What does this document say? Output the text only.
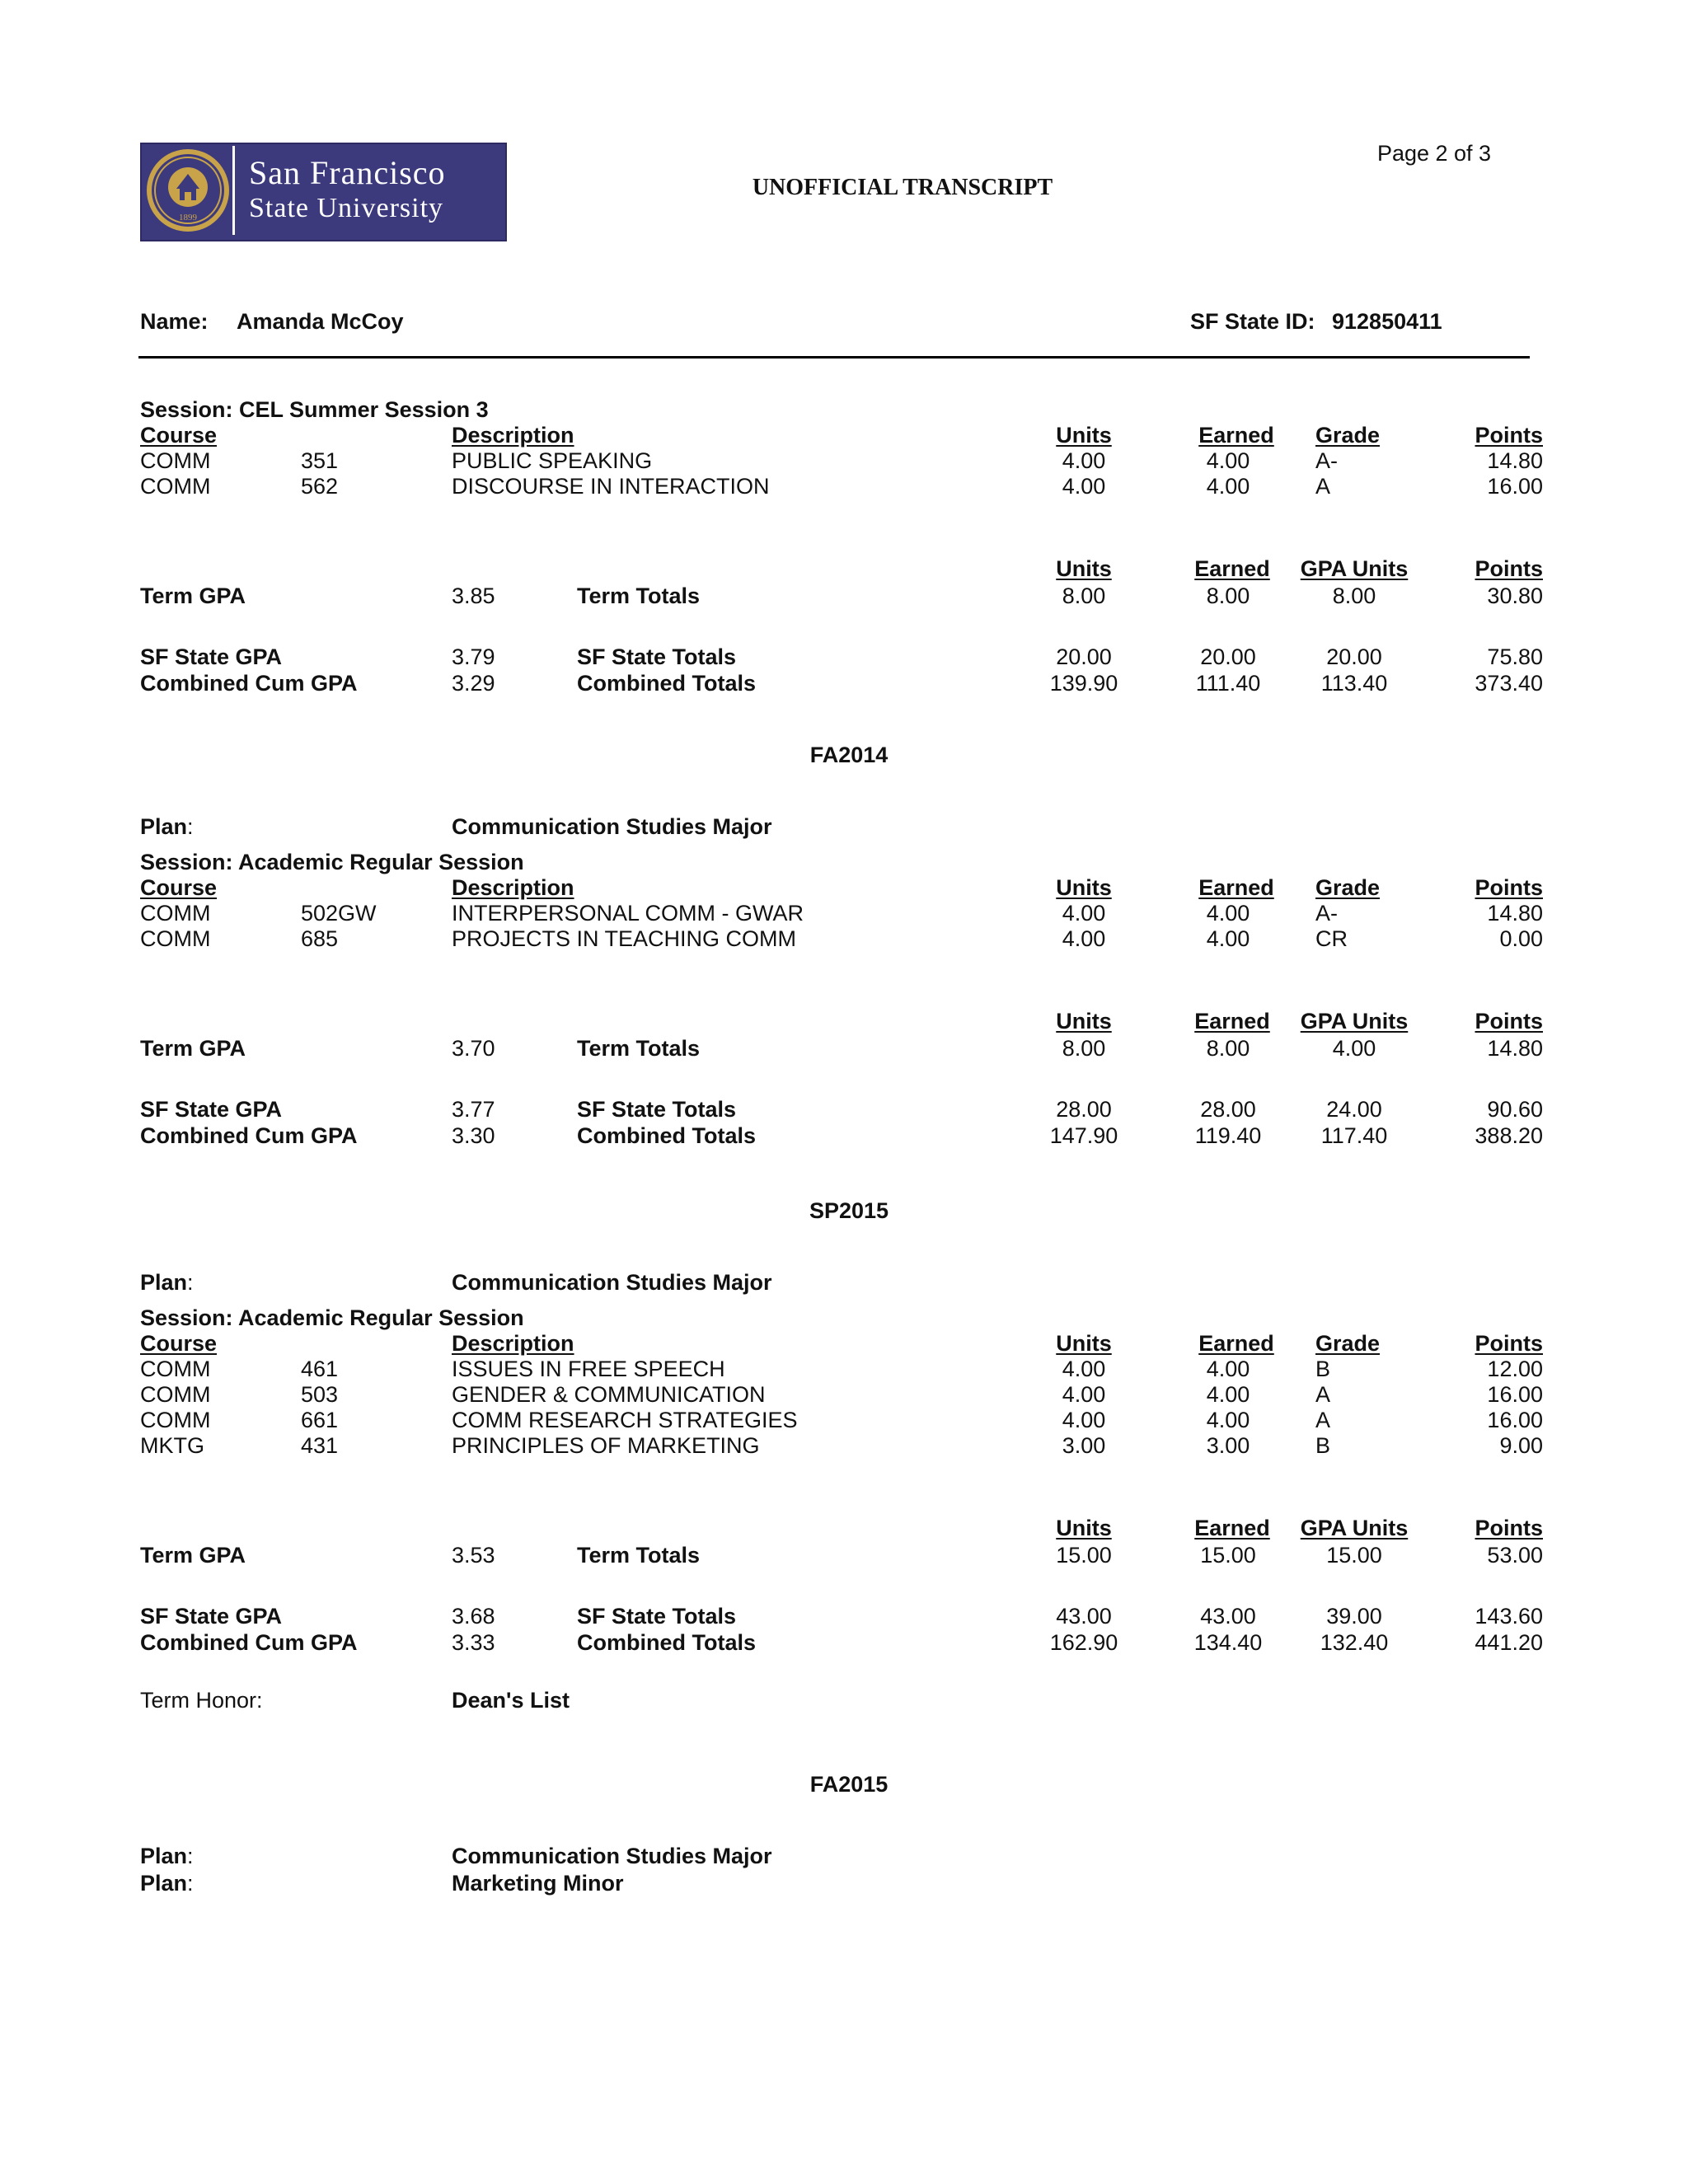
1899
San Francisco
State University
UNOFFICIAL TRANSCRIPT
Page 2 of 3
Name: Amanda McCoy	SF State ID: 912850411
Session: CEL Summer Session 3
Course	Description	Units	Earned	Grade	Points
COMM	351	PUBLIC SPEAKING	4.00	4.00	A-	14.80
COMM	562	DISCOURSE IN INTERACTION	4.00	4.00	A	16.00
Units	Earned	GPA Units	Points
Term GPA	3.85	Term Totals	8.00	8.00	8.00	30.80
SF State GPA	3.79	SF State Totals	20.00	20.00	20.00	75.80
Combined Cum GPA	3.29	Combined Totals	139.90	111.40	113.40	373.40
FA2014
Plan:	Communication Studies Major
Session: Academic Regular Session
Course	Description	Units	Earned	Grade	Points
COMM	502GW	INTERPERSONAL COMM - GWAR	4.00	4.00	A-	14.80
COMM	685	PROJECTS IN TEACHING COMM	4.00	4.00	CR	0.00
Units	Earned	GPA Units	Points
Term GPA	3.70	Term Totals	8.00	8.00	4.00	14.80
SF State GPA	3.77	SF State Totals	28.00	28.00	24.00	90.60
Combined Cum GPA	3.30	Combined Totals	147.90	119.40	117.40	388.20
SP2015
Plan:	Communication Studies Major
Session: Academic Regular Session
Course	Description	Units	Earned	Grade	Points
COMM	461	ISSUES IN FREE SPEECH	4.00	4.00	B	12.00
COMM	503	GENDER & COMMUNICATION	4.00	4.00	A	16.00
COMM	661	COMM RESEARCH STRATEGIES	4.00	4.00	A	16.00
MKTG	431	PRINCIPLES OF MARKETING	3.00	3.00	B	9.00
Units	Earned	GPA Units	Points
Term GPA	3.53	Term Totals	15.00	15.00	15.00	53.00
SF State GPA	3.68	SF State Totals	43.00	43.00	39.00	143.60
Combined Cum GPA	3.33	Combined Totals	162.90	134.40	132.40	441.20
Term Honor:	Dean's List
FA2015
Plan:	Communication Studies Major
Plan:	Marketing Minor
